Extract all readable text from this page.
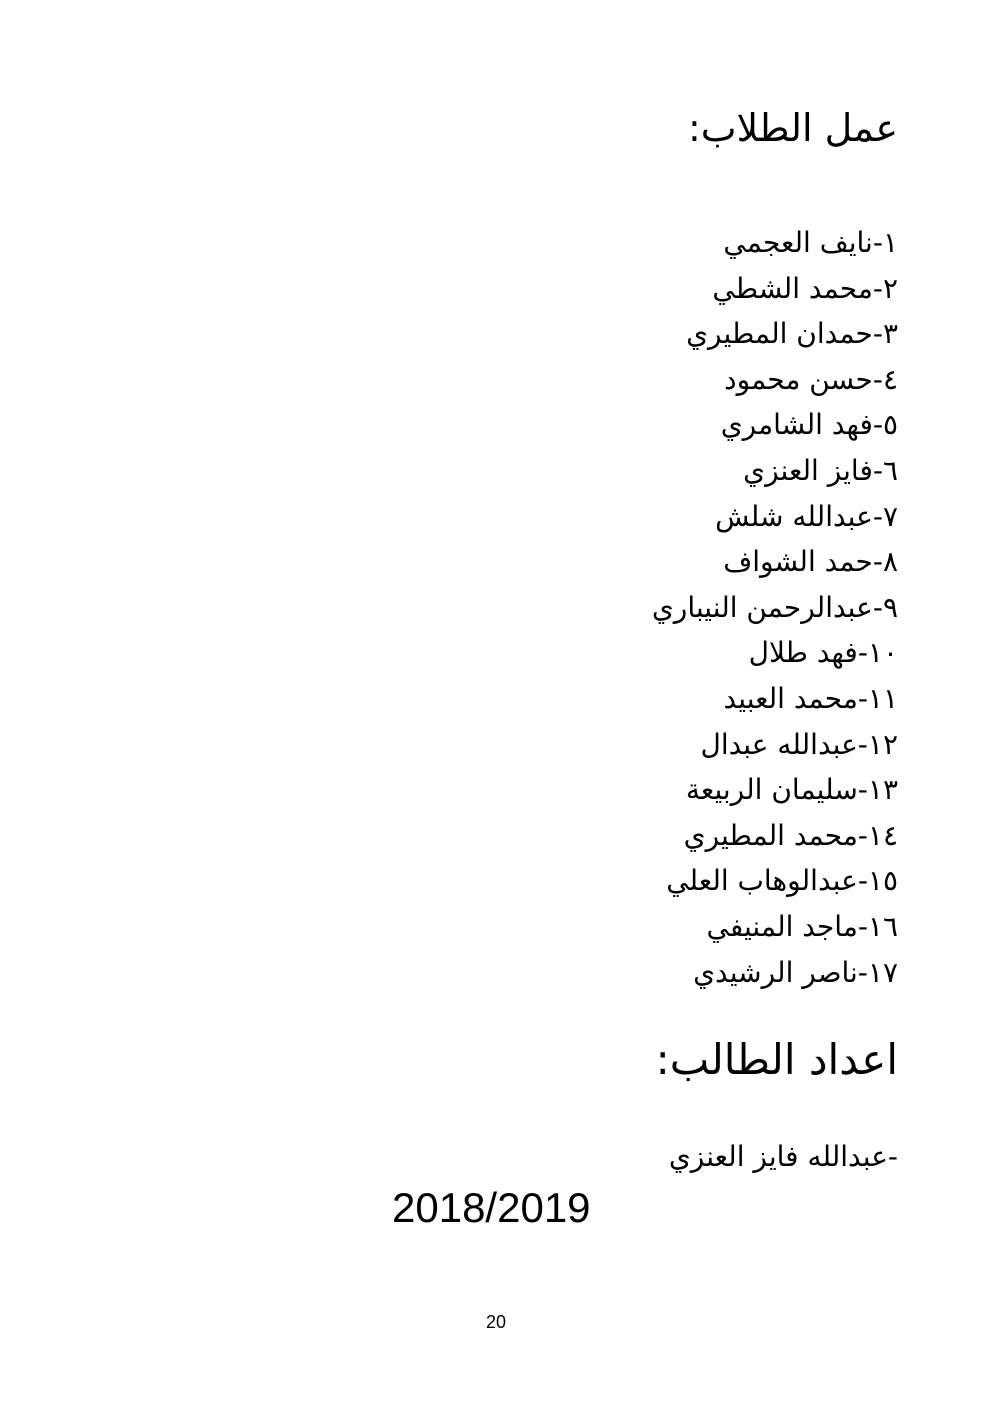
عمل الطلاب:
١-نايف العجمي
٢-محمد الشطي
٣-حمدان المطيري
٤-حسن محمود
٥-فهد الشامري
٦-فايز العنزي
٧-عبدالله شلش
٨-حمد الشواف
٩-عبدالرحمن النيباري
١٠-فهد طلال
١١-محمد العبيد
١٢-عبدالله عبدال
١٣-سليمان الربيعة
١٤-محمد المطيري
١٥-عبدالوهاب العلي
١٦-ماجد المنيفي
١٧-ناصر الرشيدي
اعداد الطالب:

-عبدالله فايز العنزي

2018/2019

20
